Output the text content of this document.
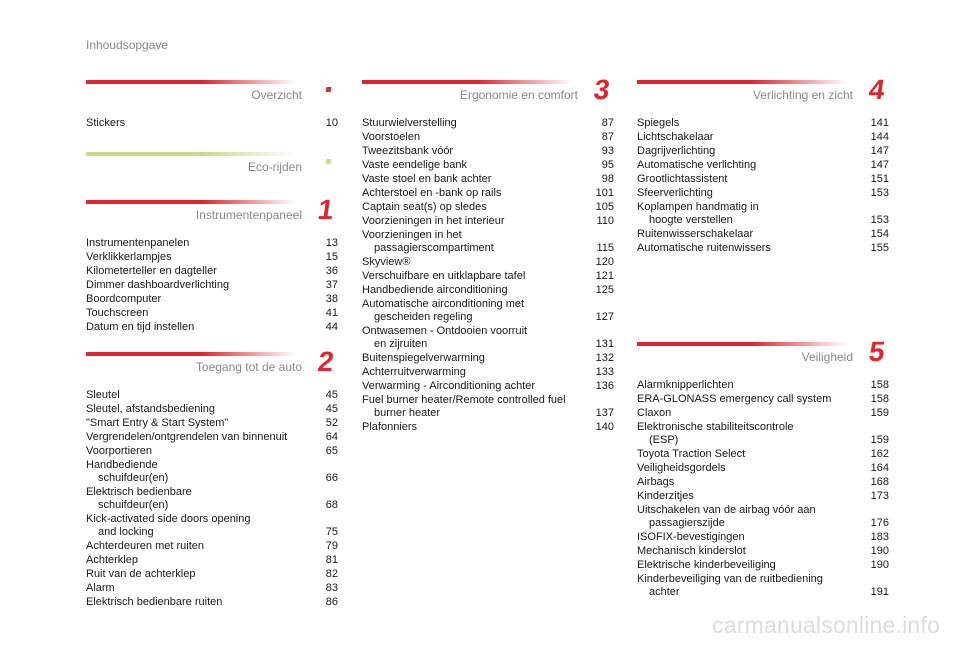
Inhoudsopgave
Overzicht .
Stickers	10
Eco-rijden .
Instrumentenpaneel 1
Instrumentenpanelen	13
Verklikkerlampjes	15
Kilometerteller en dagteller	36
Dimmer dashboardverlichting	37
Boordcomputer	38
Touchscreen	41
Datum en tijd instellen	44
Toegang tot de auto 2
Sleutel	45
Sleutel, afstandsbediening	45
"Smart Entry & Start System"	52
Vergrendelen/ontgrendelen van binnenuit	64
Voorportieren	65
Handbediende
schuifdeur(en)	66
Elektrisch bedienbare
schuifdeur(en)	68
Kick-activated side doors opening
and locking	75
Achterdeuren met ruiten	79
Achterklep	81
Ruit van de achterklep	82
Alarm	83
Elektrisch bedienbare ruiten	86
Ergonomie en comfort 3
Stuurwielverstelling	87
Voorstoelen	87
Tweezitsbank vóór	93
Vaste eendelige bank	95
Vaste stoel en bank achter	98
Achterstoel en -bank op rails	101
Captain seat(s) op sledes	105
Voorzieningen in het interieur	110
Voorzieningen in het
passagierscompartiment	115
Skyview®	120
Verschuifbare en uitklapbare tafel	121
Handbediende airconditioning	125
Automatische airconditioning met
gescheiden regeling	127
Ontwasemen - Ontdooien voorruit
en zijruiten	131
Buitenspiegelverwarming	132
Achterruitverwarming	133
Verwarming - Airconditioning achter	136
Fuel burner heater/Remote controlled fuel
burner heater	137
Plafonniers	140
Verlichting en zicht 4
Spiegels	141
Lichtschakelaar	144
Dagrijverlichting	147
Automatische verlichting	147
Grootlichtassistent	151
Sfeerverlichting	153
Koplampen handmatig in
hoogte verstellen	153
Ruitenwisserschakelaar	154
Automatische ruitenwissers	155
Veiligheid 5
Alarmknipperlichten	158
ERA-GLONASS emergency call system	158
Claxon	159
Elektronische stabiliteitscontrole
(ESP)	159
Toyota Traction Select	162
Veiligheidsgordels	164
Airbags	168
Kinderzitjes	173
Uitschakelen van de airbag vóór aan
passagierszijde	176
ISOFIX-bevestigingen	183
Mechanisch kinderslot	190
Elektrische kinderbeveiliging	190
Kinderbeveiliging van de ruitbediening
achter	191
carmanualsonline.info
